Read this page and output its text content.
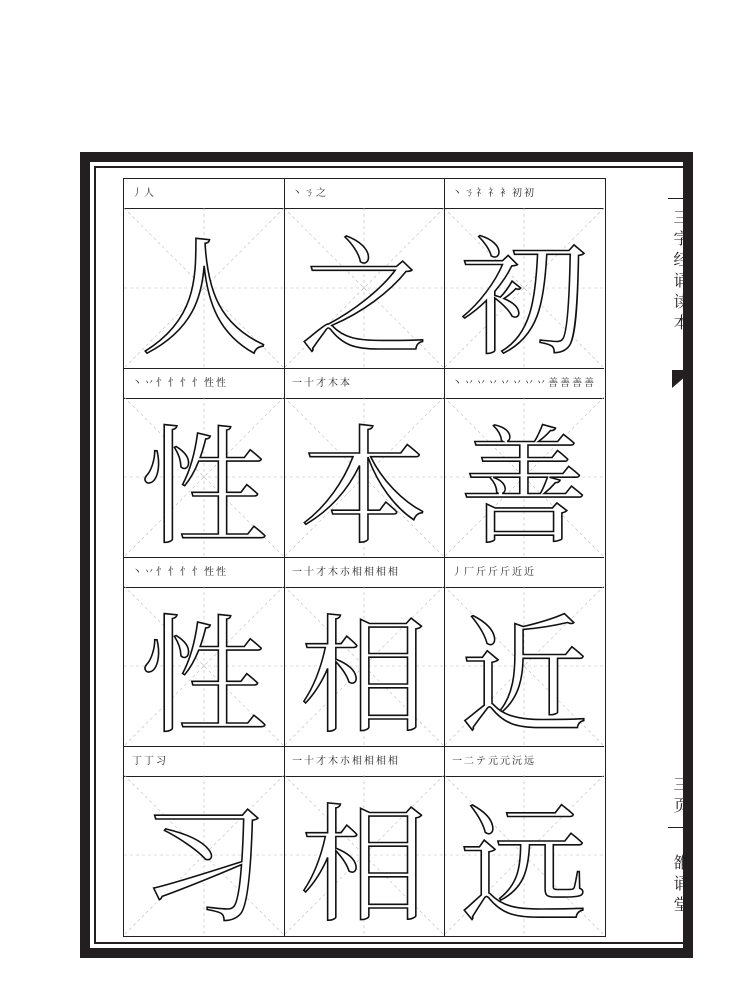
丿人	丶ㄋ之	丶ㄋ礻礻衤初初
人 之 初
丶丷忄忄忄忄性性	一十才木本	丶丷丷丷丷丷丷丷善善善善
性 本 善
丶丷忄忄忄忄性性	一十才木朩相相相相	丿厂斤斤斤近近
性 相 近
丁丁习	一十才木朩相相相相	一二テ元元沅远
习 相 远
三字经诵读本
三页
雒诵堂
